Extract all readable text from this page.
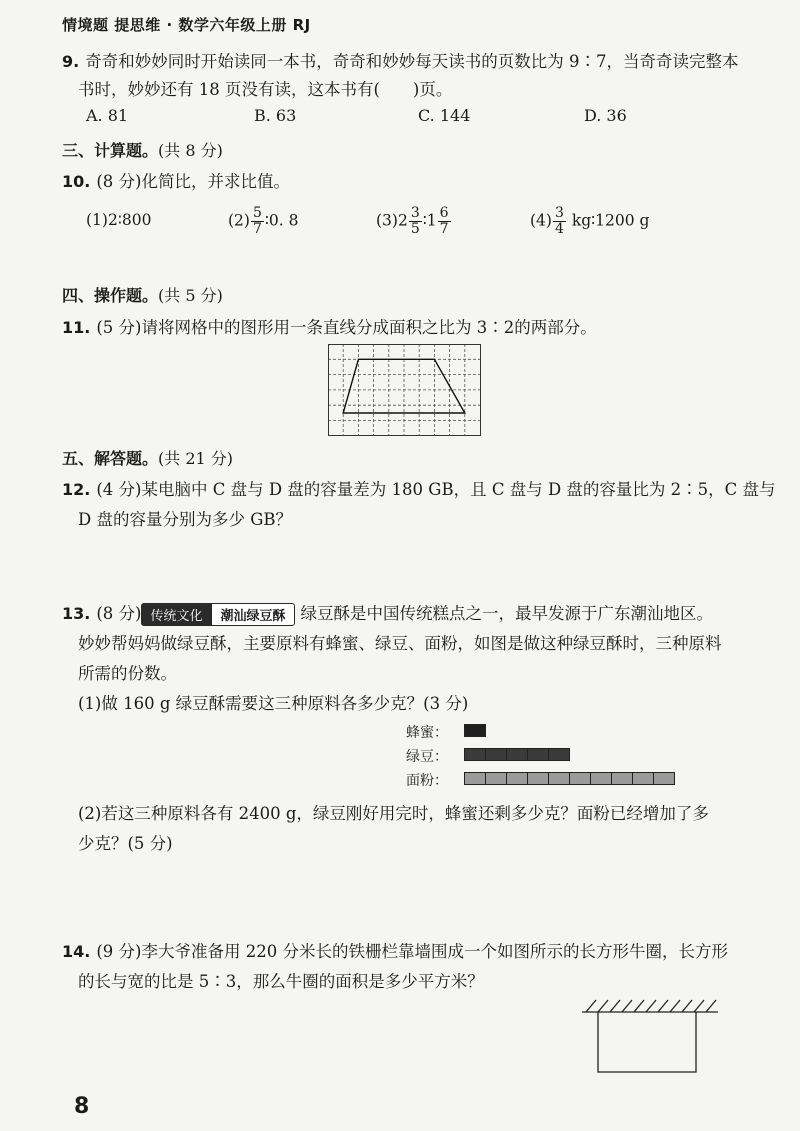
情境题 提思维 · 数学六年级上册 RJ
9. 奇奇和妙妙同时开始读同一本书，奇奇和妙妙每天读书的页数比为 9∶7，当奇奇读完整本
书时，妙妙还有 18 页没有读，这本书有(　　)页。
A. 81	B. 63	C. 144	D. 36
三、计算题。(共 8 分)
10. (8 分)化简比，并求比值。
(1)2∶800	$(2) \frac{5}{7}$ ∶0. 8	$(3)2 \frac{3}{5}$ ∶1 $\frac{6}{7}$	$(4) \frac{3}{4}$ kg∶1200 g
四、操作题。(共 5 分)
11. (5 分)请将网格中的图形用一条直线分成面积之比为 3∶2的两部分。
五、解答题。(共 21 分)
12. (4 分)某电脑中 C 盘与 D 盘的容量差为 180 GB，且 C 盘与 D 盘的容量比为 2∶5，C 盘与
D 盘的容量分别为多少 GB？
13. (8 分) 传统文化 潮汕绿豆酥 绿豆酥是中国传统糕点之一，最早发源于广东潮汕地区。
妙妙帮妈妈做绿豆酥，主要原料有蜂蜜、绿豆、面粉，如图是做这种绿豆酥时，三种原料
所需的份数。
(1)做 160 g 绿豆酥需要这三种原料各多少克？(3 分)
蜂蜜：
绿豆：
面粉：
(2)若这三种原料各有 2400 g，绿豆刚好用完时，蜂蜜还剩多少克？面粉已经增加了多
少克？(5 分)
14. (9 分)李大爷准备用 220 分米长的铁栅栏靠墙围成一个如图所示的长方形牛圈，长方形
的长与宽的比是 5∶3，那么牛圈的面积是多少平方米？
8
